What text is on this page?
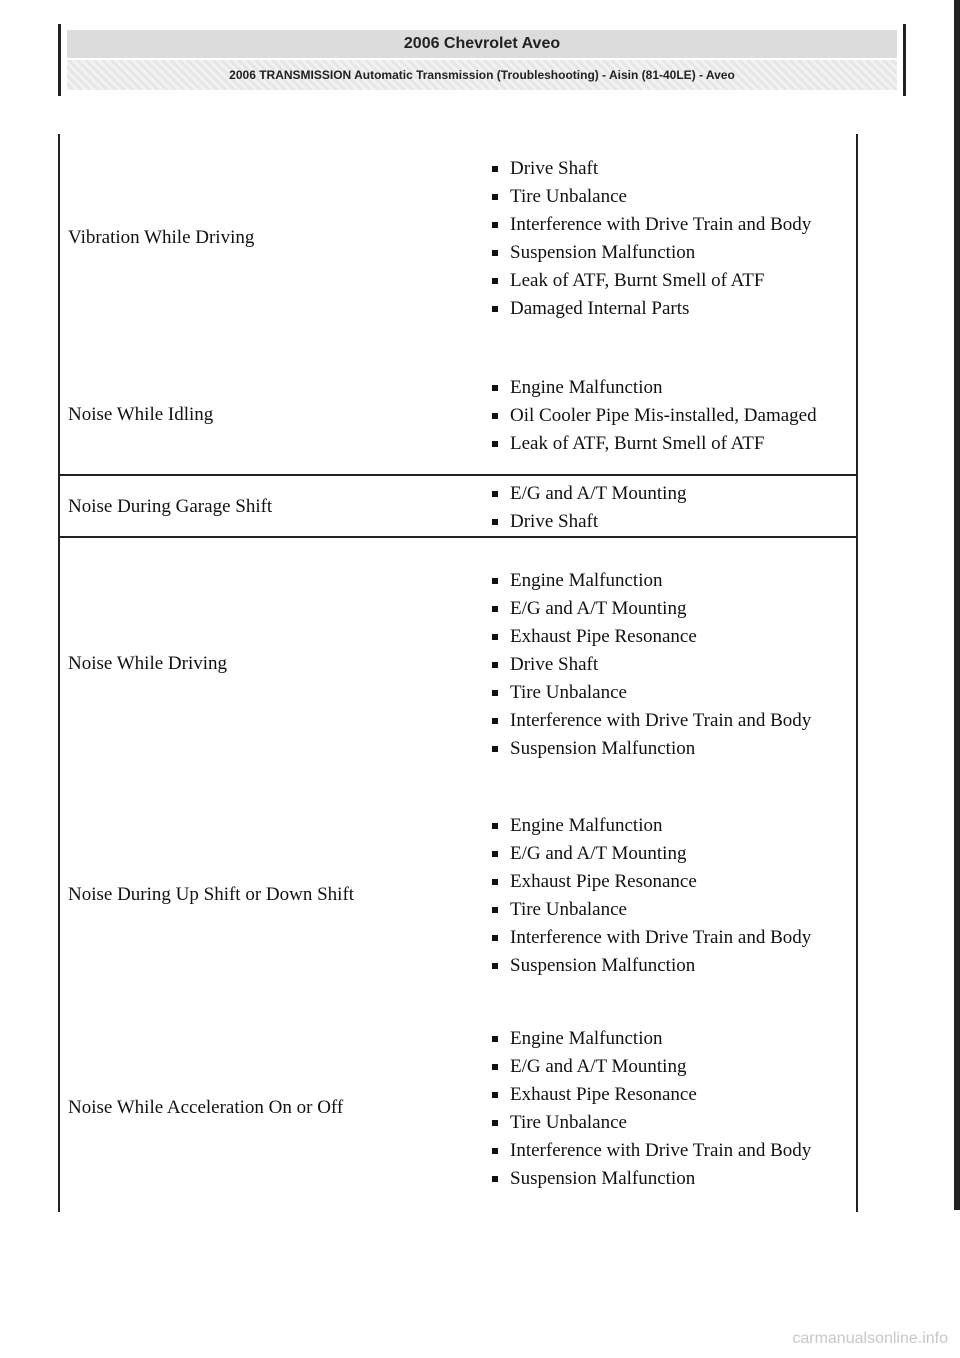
2006 Chevrolet Aveo
2006 TRANSMISSION Automatic Transmission (Troubleshooting) - Aisin (81-40LE) - Aveo
Vibration While Driving
Drive Shaft
Tire Unbalance
Interference with Drive Train and Body
Suspension Malfunction
Leak of ATF, Burnt Smell of ATF
Damaged Internal Parts
Noise While Idling
Engine Malfunction
Oil Cooler Pipe Mis-installed, Damaged
Leak of ATF, Burnt Smell of ATF
Noise During Garage Shift
E/G and A/T Mounting
Drive Shaft
Noise While Driving
Engine Malfunction
E/G and A/T Mounting
Exhaust Pipe Resonance
Drive Shaft
Tire Unbalance
Interference with Drive Train and Body
Suspension Malfunction
Noise During Up Shift or Down Shift
Engine Malfunction
E/G and A/T Mounting
Exhaust Pipe Resonance
Tire Unbalance
Interference with Drive Train and Body
Suspension Malfunction
Noise While Acceleration On or Off
Engine Malfunction
E/G and A/T Mounting
Exhaust Pipe Resonance
Tire Unbalance
Interference with Drive Train and Body
Suspension Malfunction
carmanualsonline.info
